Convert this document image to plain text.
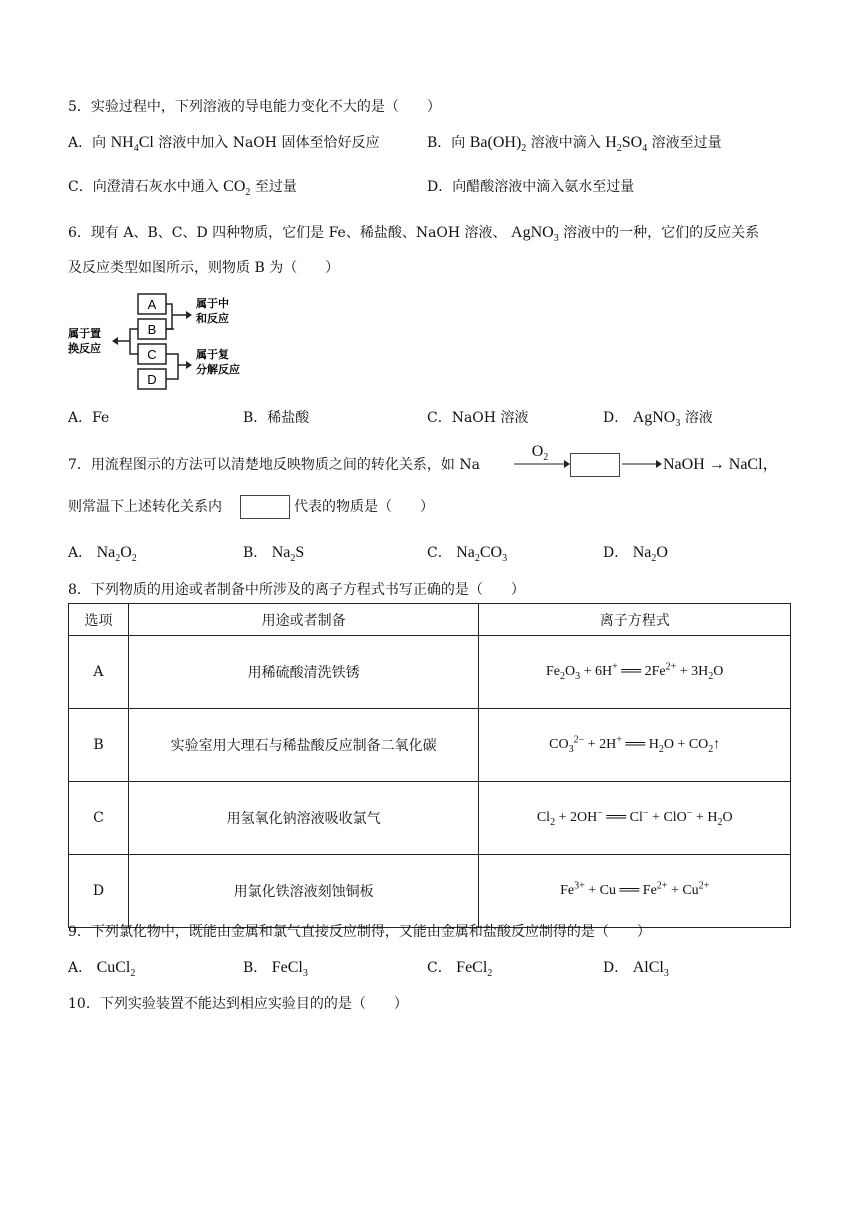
5．实验过程中，下列溶液的导电能力变化不大的是（　　）
A．向 $NH_4Cl$ 溶液中加入 NaOH 固体至恰好反应	B．向 $Ba(OH)_2$ 溶液中滴入 $H_2SO_4$ 溶液至过量
C．向澄清石灰水中通入 $CO_2$ 至过量	D．向醋酸溶液中滴入氨水至过量
6．现有 A、B、C、D 四种物质，它们是 Fe、稀盐酸、NaOH 溶液、 AgNO$_3$ 溶液中的一种，它们的反应关系
及反应类型如图所示，则物质 B 为（　　）
A
B
C
D
属于中
和反应
属于置
换反应	属于复
分解反应
A．Fe	B．稀盐酸	C．NaOH 溶液	D． AgNO$_3$ 溶液
7．用流程图示的方法可以清楚地反映物质之间的转化关系，如 Na
$O_2$	NaOH → NaCl，
则常温下上述转化关系内	代表的物质是（　　）
A． $Na_2O_2$	B． $Na_2S$	C． $Na_2CO_3$	D． $Na_2O$
8．下列物质的用途或者制备中所涉及的离子方程式书写正确的是（　　）
选项	用途或者制备	离子方程式
A	用稀硫酸清洗铁锈	$Fe_2O_3 + 6H^+$ ══ $2Fe^{2+} + 3H_2O$
B	实验室用大理石与稀盐酸反应制备二氧化碳	$CO_3^{2-} + 2H^+$ ══ $H_2O$ + $CO_2↑$
C	用氢氧化钠溶液吸收氯气	$Cl_2 + 2OH^-$ ══ $Cl^- + ClO^- + H_2O$
D	用氯化铁溶液刻蚀铜板	$Fe^{3+} + Cu$ ══ $Fe^{2+} + Cu^{2+}$
9．下列氯化物中，既能由金属和氯气直接反应制得，又能由金属和盐酸反应制得的是（　　）
A． CuCl$_2$	B． FeCl$_3$	C． FeCl$_2$	D． AlCl$_3$
10．下列实验装置不能达到相应实验目的的是（　　）
